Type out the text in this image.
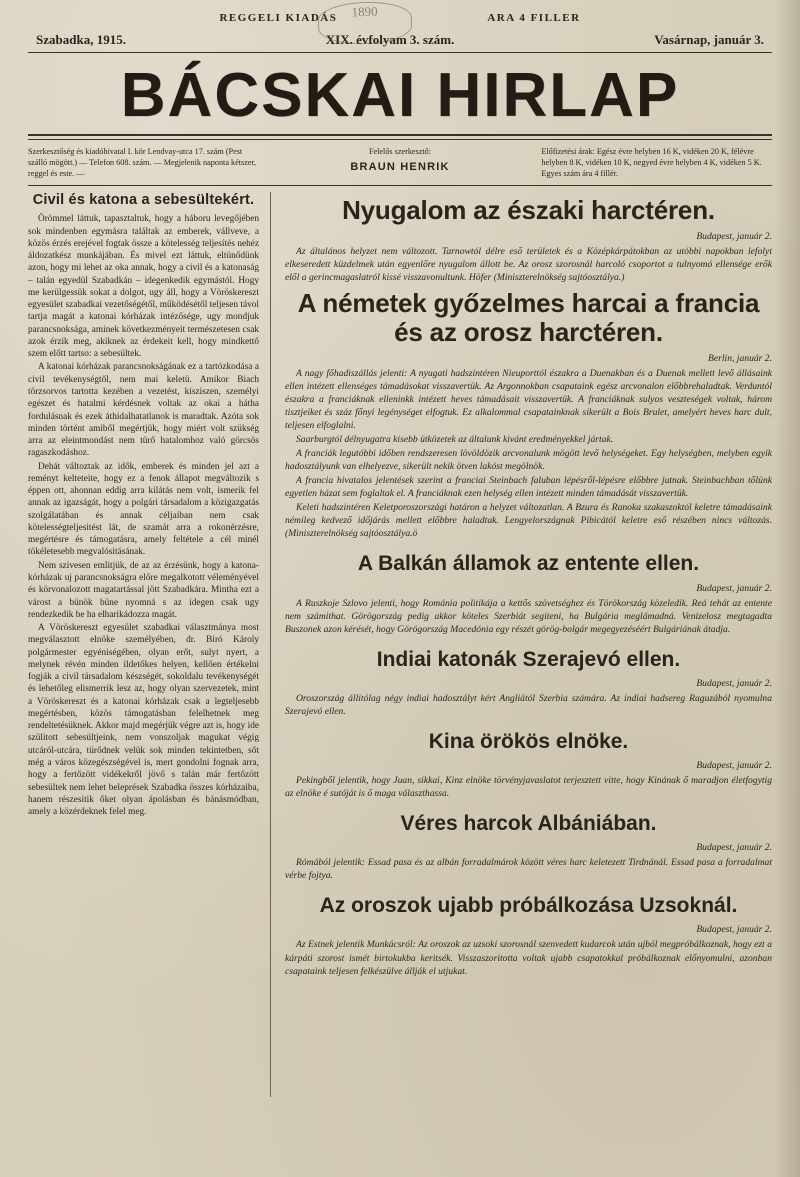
1890
REGGELI KIADÁS	ARA 4 FILLER
Szabadka, 1915.	XIX. évfolyam 3. szám.	Vasárnap, január 3.
BÁCSKAI HIRLAP
Szerkesztőség és kiadóhivatal I. kör Lendvay-utca 17. szám (Pest szálló mögött.) — Telefon 608. szám. — Megjelenik naponta kétszer, reggel és este. —
Felelős szerkesztő:
BRAUN HENRIK
Előfizetési árak: Egész évre helyben 16 K, vidéken 20 K, félévre helyben 8 K, vidéken 10 K, negyed évre helyben 4 K, vidéken 5 K. Egyes szám ára 4 fillér.
Civil és katona a sebesültekért.

Örömmel láttuk, tapasztaltuk, hogy a háboru levegőjében sok mindenben egymásra találtak az emberek, vállveve, a közös érzés erejével fogtak össze a kötelesség teljesítés nehéz áldozatkész munkájában. És mivel ezt láttuk, eltünődünk azon, hogy mi lehet az oka annak, hogy a civil és a katonaság – talán egyedül Szabadkán – idegenkedik egymástól. Hogy me kerülgessük sokat a dolgot, ugy áll, hogy a Vöröskereszt egyesület szabadkai vezetőségétől, működésétől teljesen távol tartja magát a katonai kórházak intézősége, ugy mondjuk parancsnoksága, aminek következményeit természetesen csak azok érzik meg, akiknek az érdekeit kell, hogy mindkettő szem előtt tartso: a sebesültek.

A katonai kórházak parancsnokságának ez a tartózkodása a civil tevékenységtől, nem mai keletü. Amikor Biach törzsorvos tartotta kezében a vezetést, kisziszen, személyi egészet és hatalmi kérdésnek voltak az okai a hátha fordulásnak és ezek áthidalhatatlanok is maradtak. Azóta sok minden történt amiből megértjük, hogy miért volt szükség arra az eleintmondást nem türő hatalomhoz való görcsös ragaszkodáshoz.

Dehát változtak az idők, emberek és minden jel azt a reményt kelteteite, hogy ez a fenok állapot megváltozik s éppen ott, ahonnan eddig arra kilátás nem volt, ismerik fel annak az igazságát, hogy a polgári társadalom a közigazgatás szolgálatában és annak céljaiban nem csak kötelességteljesitést lát, de szamát arra a rokonérzésre, megértésre és támogatásra, amely feltétele a cél minél tökéletesebb megvalósitásának.

Nem szivesen emlitjük, de az az érzésünk, hogy a katona-kórházak uj parancsnokságra előre megalkotott véleményével és körvonalozott magatartással jött Szabadkára. Mintha ezt a várost a bünök büne nyomná s az idegen csak ugy rendezkedik be ha elharikádozza magát.

A Vöröskereszt egyesület szabadkai választmánya most megválasztott elnöke személyében, dr. Biró Károly polgármester egyéniségében, olyan erőt, sulyt nyert, a melynek révén minden ildetőkes helyen, kellően értékelni fogják a civil társadalom készségét, sokoldalu tevékenységét és lehetőleg elismerrik lesz az, hogy olyan szervezetek, mint a Vöröskereszt és a katonai kórházak csak a legteljesebb megértésben, közös támogatásban felelhetnek meg rendeltetésüknek. Akkor majd megérjük végre azt is, hogy ide szülitott sebesültjeink, nem vonszoljak magukat végig utcáról-utcára, türődnek velük sok minden tekintetben, sőt még a város közegészségével is, mert gondolni fognak arra, hogy a fertőzött vidékekről jövő s talán már fertőzött sebesültek nem lehet beleprések Szabadka összes kórházaiba, hanem részesitik őket olyan ápolásban és bánásmódban, amely a közérdeknek felel meg.

Nyugalom az északi harctéren.
Budapest, január 2.

Az általános helyzet nem változott. Tarnowtól délre eső területek és a Középkárpátokban az utóbbi napokban lefolyt elkeseredett küzdelmek után egyenlőre nyugalom állott be. Az orosz szorosnál harcoló csoportot a tulnyomó ellensége erők elől a gerincmagaslatról kissé visszavonultunk. Höfer (Miniszterelnökség sajtóosztálya.)

A németek győzelmes harcai a francia és az orosz harctéren.
Berlin, január 2.

A nagy főhadiszállás jelenti: A nyugati hadszintéren Nieuporttól északra a Duenakban és a Duenak mellett levő állásaink ellen intézett ellenséges támadásokat visszavertük. Az Argonnokban csapataink egész arcvonalon előbbrehaladtak. Verduntól északra a franciáknak elleninkk intézett heves támadásait visszavertük. A franciáknak sulyos veszteségek voltak, három tisztjeiket és száz főnyi legénységet elfogtuk. Ez alkalommal csapatainknak sikerült a Bois Brulet, amelyért heves harc dult, teljesen elfoglalni.

Saarburgtól délnyugatra kisebb ütközetek az általunk kivánt eredményekkel jártak.

A franciák legutóbbi időben rendszeresen lövöldözik arcvonalunk mögött levő helységeket. Egy helységben, melyben egyik hadosztályunk van elhelyezve, sikerült nekik ötven lakóst megölnök.

A francia hivatalos jelentések szerint a franciai Steinbach faluban lépésről-lépésre előbbre jutnak. Steinbachban tőlünk egyetlen házat sem foglaltak el. A franciáknak ezen helység ellen intézett minden támadását visszavertük.

Keleti hadszintéren Keletporoszországi határon a helyzet változatlan. A Bzura és Ranoka szakaszoktól keletre támadásaink némileg kedvező időjárás mellett előbbre haladtak. Lengyelországnak Pibicától keletre eső részében nincs változás. (Miniszterelnökség sajtóosztálya.ö

A Balkán államok az entente ellen.
Budapest, január 2.

A Ruszkoje Szlovo jelenti, hogy Románia politikája a kettős szövetséghez és Törökország közeledik. Reá tehát az entente nem számithat. Görögország pedig akkor köteles Szerbiát segiteni, ha Bulgária meglámadná. Venizelosz megtagadta Buszonek azon kérését, hogy Görögország Macedónia egy részét görög-bolgár megegyezéséért Bulgáriának átadja.

Indiai katonák Szerajevó ellen.
Budapest, január 2.

Oroszország állitólag négy indiai hadosztályt kért Angliától Szerbia számára. Az indiai hadsereg Raguzából nyomulna Szerajevó ellen.

Kina örökös elnöke.
Budapest, január 2.

Pekingből jelentik, hogy Juan, sikkai, Kinz elnöke törvényjavaslatot terjesztett vitte, hogy Kinának ő maradjon életfogytig az elnöke é sutóját is ő maga választhassa.

Véres harcok Albániában.
Budapest, január 2.

Rómából jelentik: Essad pasa és az albán forradalmárok között véres harc keletezett Tirdnánál. Essad pasa a forradalmat vérbe fojtya.

Az oroszok ujabb próbálkozása Uzsoknál.
Budapest, január 2.

Az Estnek jelentik Munkácsról: Az oroszok az uzsoki szorosnál szenvedett kudarcok után ujból megpróbálkoznak, hogy ezt a kárpáti szorost ismét birtokukba keritsék. Visszaszoritotta voltak ujabb csapatokkal próbálkoznak előnyomulni, azonban csapataink teljesen felkészülve állják el utjukat.
